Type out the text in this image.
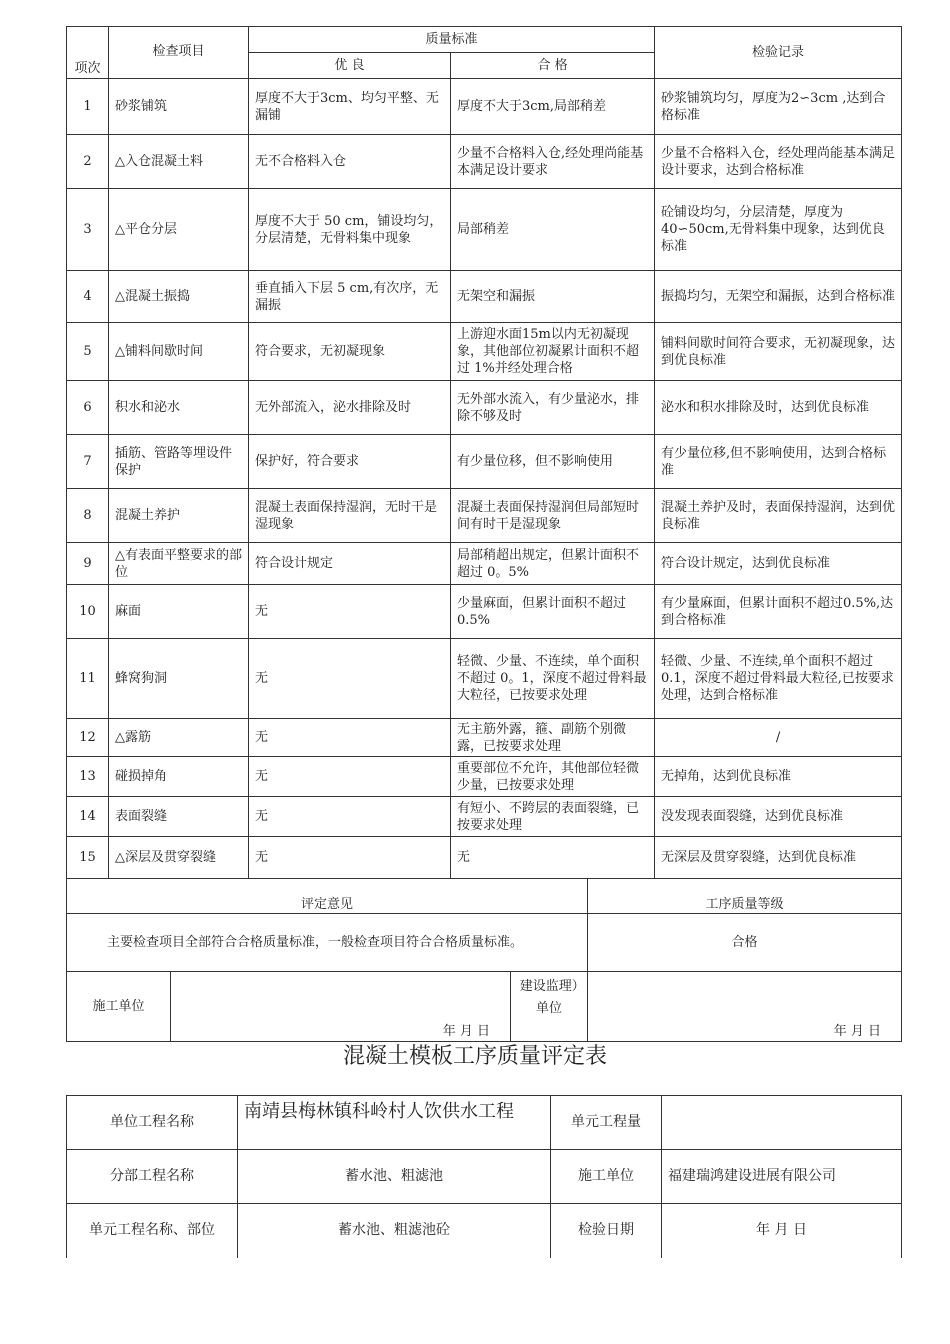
项次	检查项目	质量标准		检验记录
		优 良	合 格	
1	砂浆铺筑	厚度不大于3cm、均匀平整、无漏铺	厚度不大于3cm,局部稍差	砂浆铺筑均匀，厚度为2∽3cm ,达到合格标准
2	△入仓混凝土料	无不合格料入仓	少量不合格料入仓,经处理尚能基本满足设计要求	少量不合格料入仓，经处理尚能基本满足设计要求，达到合格标准
3	△平仓分层	厚度不大于 50 cm，铺设均匀，分层清楚，无骨料集中现象	局部稍差	砼铺设均匀，分层清楚，厚度为40∽50cm,无骨料集中现象，达到优良标准
4	△混凝土振捣	垂直插入下层 5 cm,有次序，无漏振	无架空和漏振	振捣均匀，无架空和漏振，达到合格标准
5	△铺料间歇时间	符合要求，无初凝现象	上游迎水面15m以内无初凝现象，其他部位初凝累计面积不超过 1%并经处理合格	铺料间歇时间符合要求，无初凝现象，达到优良标准
6	积水和泌水	无外部流入，泌水排除及时	无外部水流入，有少量泌水，排除不够及时	泌水和积水排除及时，达到优良标准
7	插筋、管路等埋设件保护	保护好，符合要求	有少量位移，但不影响使用	有少量位移,但不影响使用，达到合格标准
8	混凝土养护	混凝土表面保持湿润，无时干是湿现象	混凝土表面保持湿润但局部短时间有时干是湿现象	混凝土养护及时，表面保持湿润，达到优良标准
9	△有表面平整要求的部位	符合设计规定	局部稍超出规定，但累计面积不超过 0。5%	符合设计规定，达到优良标准
10	麻面	无	少量麻面，但累计面积不超过 0.5%	有少量麻面，但累计面积不超过0.5%,达到合格标准
11	蜂窝狗洞	无	轻微、少量、不连续，单个面积不超过 0。1，深度不超过骨料最大粒径，已按要求处理	轻微、少量、不连续,单个面积不超过 0.1，深度不超过骨料最大粒径,已按要求处理，达到合格标准
12	△露筋	无	无主筋外露，箍、副筋个别微露，已按要求处理	/
13	碰损掉角	无	重要部位不允许，其他部位轻微少量，已按要求处理	无掉角，达到优良标准
14	表面裂缝	无	有短小、不跨层的表面裂缝，已按要求处理	没发现表面裂缝，达到优良标准
15	△深层及贯穿裂缝	无	无	无深层及贯穿裂缝，达到优良标准
评定意见			工序质量等级
主要检查项目全部符合合格质量标准，一般检查项目符合合格质量标准。			合格
施工单位	年 月 日	建设监理）单位	年 月 日
混凝土模板工序质量评定表
单位工程名称	南靖县梅林镇科岭村人饮供水工程	单元工程量	
分部工程名称	蓄水池、粗滤池	施工单位	福建瑞鸿建设进展有限公司
单元工程名称、部位	蓄水池、粗滤池砼	检验日期	年 月 日
